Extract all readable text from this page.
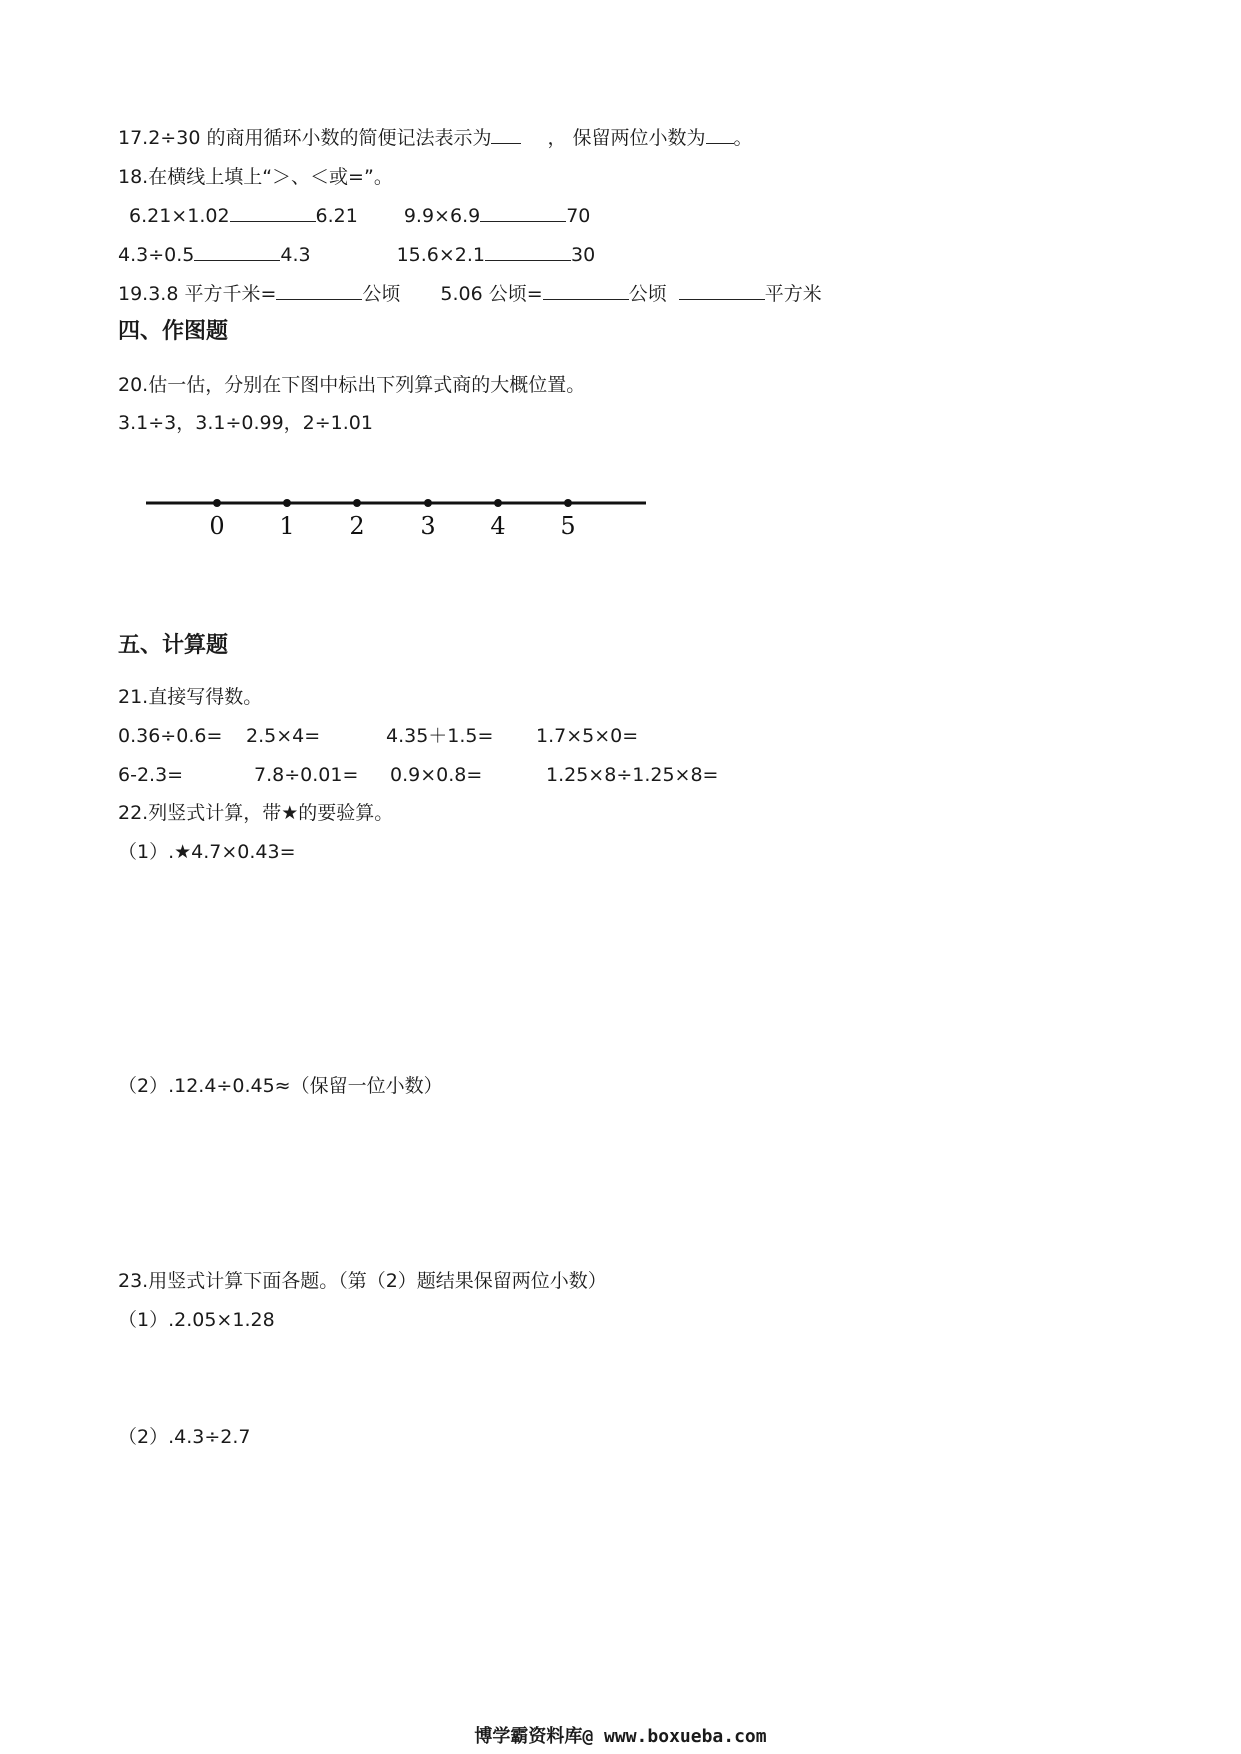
17.2÷30 的商用循环小数的简便记法表示为	， 保留两位小数为 。
18.在横线上填上“＞、＜或=”。
6.21×1.02	6.21 9.9×6.9	70
4.3÷0.5	4.3	15.6×2.1	30
19.3.8 平方千米=	公顷 5.06 公顷=	公顷	平方米
四、作图题
20.估一估，分别在下图中标出下列算式商的大概位置。
3.1÷3，3.1÷0.99，2÷1.01
0 1 2 3 4 5
五、计算题
21.直接写得数。
0.36÷0.6= 2.5×4=	4.35＋1.5= 1.7×5×0=
6-2.3=	7.8÷0.01= 0.9×0.8=	1.25×8÷1.25×8=
22.列竖式计算，带★的要验算。
（1）.★4.7×0.43=
（2）.12.4÷0.45≈（保留一位小数）
23.用竖式计算下面各题。（第（2）题结果保留两位小数）
（1）.2.05×1.28
（2）.4.3÷2.7
博学霸资料库@ www.boxueba.com
